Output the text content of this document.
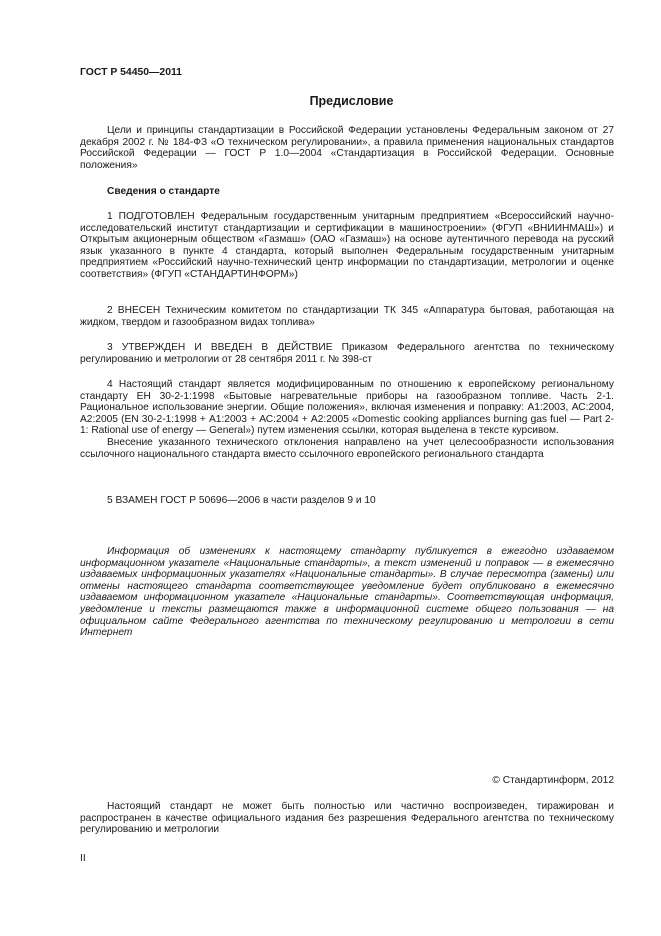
ГОСТ Р 54450—2011
Предисловие

Цели и принципы стандартизации в Российской Федерации установлены Федеральным законом от 27 декабря 2002 г. № 184-ФЗ «О техническом регулировании», а правила применения национальных стандартов Российской Федерации — ГОСТ Р 1.0—2004 «Стандартизация в Российской Федерации. Основные положения»

Сведения о стандарте

1 ПОДГОТОВЛЕН Федеральным государственным унитарным предприятием «Всероссийский научно-исследовательский институт стандартизации и сертификации в машиностроении» (ФГУП «ВНИИНМАШ») и Открытым акционерным обществом «Газмаш» (ОАО «Газмаш») на основе аутентичного перевода на русский язык указанного в пункте 4 стандарта, который выполнен Федеральным государственным унитарным предприятием «Российский научно-технический центр информации по стандартизации, метрологии и оценке соответствия» (ФГУП «СТАНДАРТИНФОРМ»)

2 ВНЕСЕН Техническим комитетом по стандартизации ТК 345 «Аппаратура бытовая, работающая на жидком, твердом и газообразном видах топлива»

3 УТВЕРЖДЕН И ВВЕДЕН В ДЕЙСТВИЕ Приказом Федерального агентства по техническому регулированию и метрологии от 28 сентября 2011 г. № 398-ст

4 Настоящий стандарт является модифицированным по отношению к европейскому региональному стандарту ЕН 30-2-1:1998 «Бытовые нагревательные приборы на газообразном топливе. Часть 2-1. Рациональное использование энергии. Общие положения», включая изменения и поправку: А1:2003, АС:2004, А2:2005 (EN 30-2-1:1998 + А1:2003 + АС:2004 + А2:2005 «Domestic cooking appliances burning gas fuel — Part 2-1: Rational use of energy — General») путем изменения ссылки, которая выделена в тексте курсивом.

Внесение указанного технического отклонения направлено на учет целесообразности использования ссылочного национального стандарта вместо ссылочного европейского регионального стандарта

5 ВЗАМЕН ГОСТ Р 50696—2006 в части разделов 9 и 10

Информация об изменениях к настоящему стандарту публикуется в ежегодно издаваемом информационном указателе «Национальные стандарты», а текст изменений и поправок — в ежемесячно издаваемых информационных указателях «Национальные стандарты». В случае пересмотра (замены) или отмены настоящего стандарта соответствующее уведомление будет опубликовано в ежемесячно издаваемом информационном указателе «Национальные стандарты». Соответствующая информация, уведомление и тексты размещаются также в информационной системе общего пользования — на официальном сайте Федерального агентства по техническому регулированию и метрологии в сети Интернет

© Стандартинформ, 2012

Настоящий стандарт не может быть полностью или частично воспроизведен, тиражирован и распространен в качестве официального издания без разрешения Федерального агентства по техническому регулированию и метрологии

II
